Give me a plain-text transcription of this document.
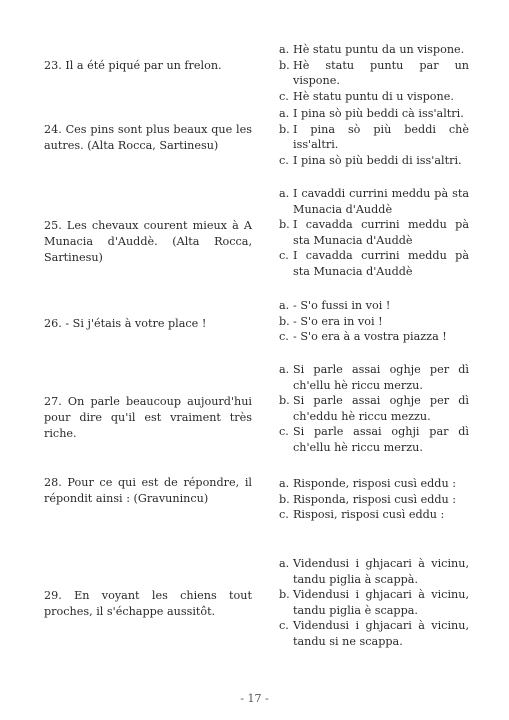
23. Il a été piqué par un frelon.
a. Hè statu puntu da un vispone.
b. Hè statu puntu par un vispone.
c. Hè statu puntu di u vispone.
24. Ces pins sont plus beaux que les autres. (Alta Rocca, Sartinesu)
a. I pina sò più beddi cà iss'altri.
b. I pina sò più beddi chè iss'altri.
c. I pina sò più beddi di iss'altri.
25. Les chevaux courent mieux à A Munacia d'Auddè. (Alta Rocca, Sartinesu)
a. I cavaddi currini meddu pà sta Munacia d'Auddè
b. I cavadda currini meddu pà sta Munacia d'Auddè
c. I cavadda currini meddu pà sta Munacia d'Auddè
26. - Si j'étais à votre place !
a. - S'o fussi in voi !
b. - S'o era in voi !
c. - S'o era à a vostra piazza !
27. On parle beaucoup aujourd'hui pour dire qu'il est vraiment très riche.
a. Si parle assai oghje per dì ch'ellu hè riccu merzu.
b. Si parle assai oghje per dì ch'eddu hè riccu mezzu.
c. Si parle assai oghji par dì ch'ellu hè riccu merzu.
28. Pour ce qui est de répondre, il répondit ainsi : (Gravunincu)
a. Risponde, risposi cusì eddu :
b. Risponda, risposi cusì eddu :
c. Risposi, risposi cusì eddu :
29. En voyant les chiens tout proches, il s'échappe aussitôt.
a. Videndusi i ghjacari à vicinu, tandu piglia à scappà.
b. Videndusi i ghjacari à vicinu, tandu piglia è scappa.
c. Videndusi i ghjacari à vicinu, tandu si ne scappa.
- 17 -
